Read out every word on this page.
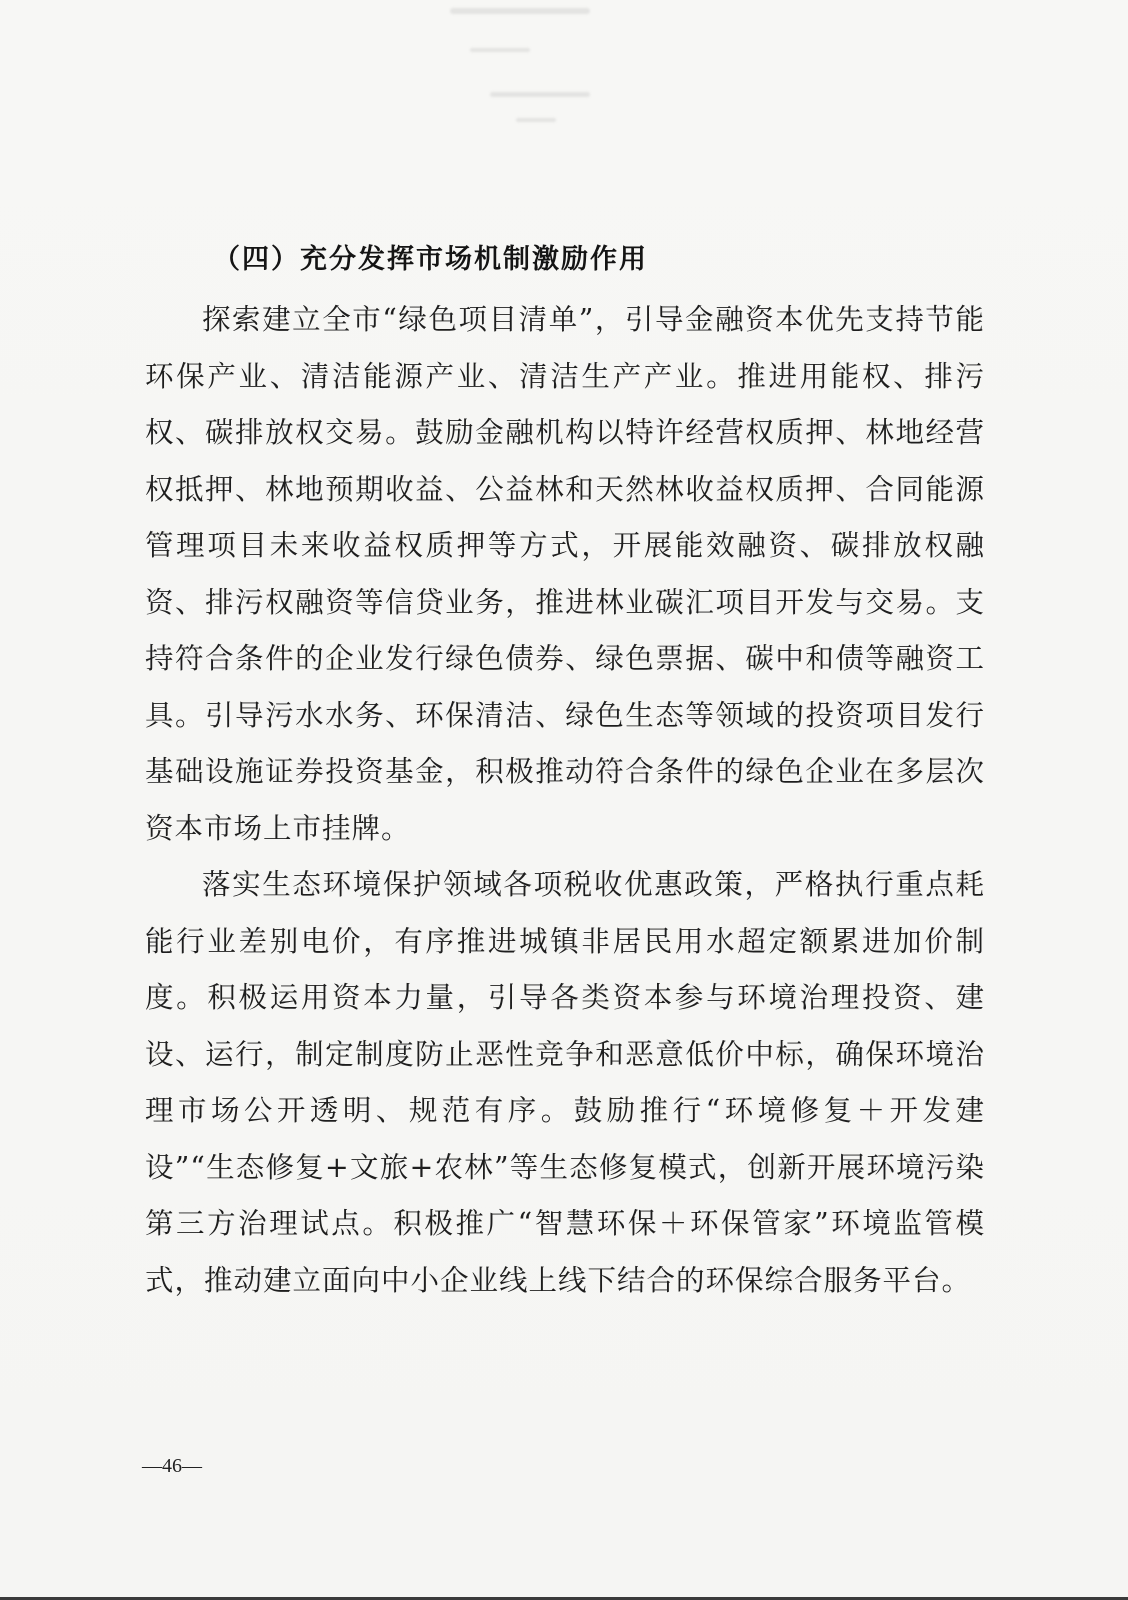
（四）充分发挥市场机制激励作用

探索建立全市“绿色项目清单”，引导金融资本优先支持节能环保产业、清洁能源产业、清洁生产产业。推进用能权、排污权、碳排放权交易。鼓励金融机构以特许经营权质押、林地经营权抵押、林地预期收益、公益林和天然林收益权质押、合同能源管理项目未来收益权质押等方式，开展能效融资、碳排放权融资、排污权融资等信贷业务，推进林业碳汇项目开发与交易。支持符合条件的企业发行绿色债券、绿色票据、碳中和债等融资工具。引导污水水务、环保清洁、绿色生态等领域的投资项目发行基础设施证券投资基金，积极推动符合条件的绿色企业在多层次资本市场上市挂牌。

落实生态环境保护领域各项税收优惠政策，严格执行重点耗能行业差别电价，有序推进城镇非居民用水超定额累进加价制度。积极运用资本力量，引导各类资本参与环境治理投资、建设、运行，制定制度防止恶性竞争和恶意低价中标，确保环境治理市场公开透明、规范有序。鼓励推行“环境修复＋开发建设”“生态修复+文旅+农林”等生态修复模式，创新开展环境污染第三方治理试点。积极推广“智慧环保＋环保管家”环境监管模式，推动建立面向中小企业线上线下结合的环保综合服务平台。

—46—
